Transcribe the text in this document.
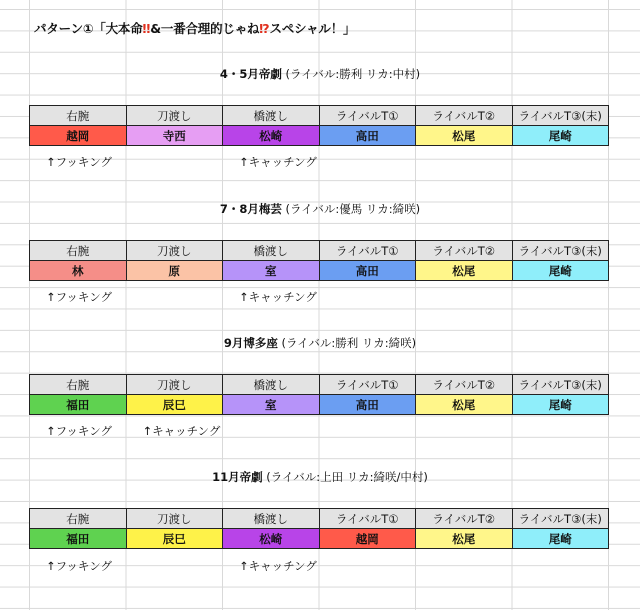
パターン①「大本命‼&一番合理的じゃね⁉スペシャル！」
4・5月帝劇 (ライバル:勝利 リカ:中村)
右腕	刀渡し	橋渡し	ライバルT①	ライバルT②	ライバルT③(末)
越岡	寺西	松崎	高田	松尾	尾崎
↑フッキング	↑キャッチング
7・8月梅芸 (ライバル:優馬 リカ:綺咲)
右腕	刀渡し	橋渡し	ライバルT①	ライバルT②	ライバルT③(末)
林	原	室	高田	松尾	尾崎
↑フッキング	↑キャッチング
9月博多座 (ライバル:勝利 リカ:綺咲)
右腕	刀渡し	橋渡し	ライバルT①	ライバルT②	ライバルT③(末)
福田	辰巳	室	高田	松尾	尾崎
↑フッキング	↑キャッチング
11月帝劇 (ライバル:上田 リカ:綺咲/中村)
右腕	刀渡し	橋渡し	ライバルT①	ライバルT②	ライバルT③(末)
福田	辰巳	松崎	越岡	松尾	尾崎
↑フッキング	↑キャッチング
